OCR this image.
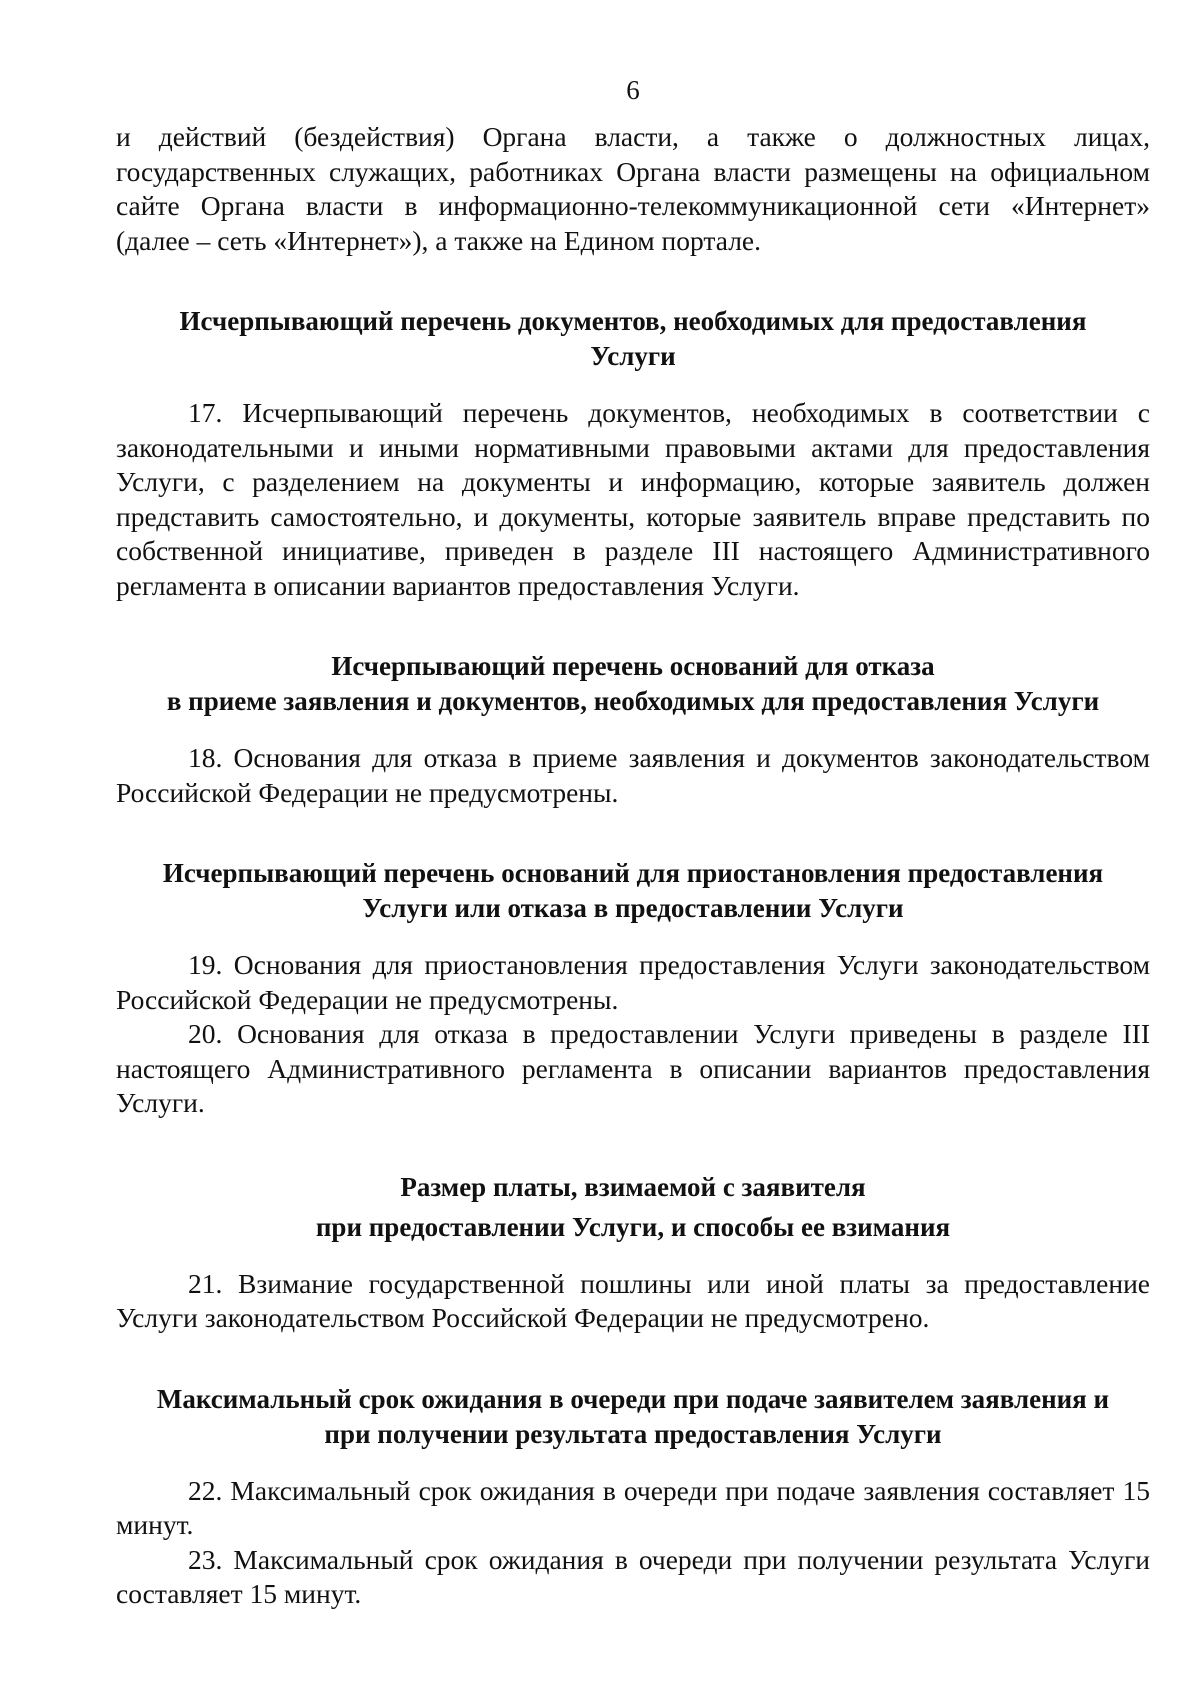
6
и действий (бездействия) Органа власти, а также о должностных лицах,
государственных служащих, работниках Органа власти размещены на официальном
сайте Органа власти в информационно-телекоммуникационной сети «Интернет»
(далее – сеть «Интернет»), а также на Едином портале.
Исчерпывающий перечень документов, необходимых для предоставления
Услуги

17. Исчерпывающий перечень документов, необходимых в соответствии с законодательными и иными нормативными правовыми актами для предоставления Услуги, с разделением на документы и информацию, которые заявитель должен представить самостоятельно, и документы, которые заявитель вправе представить по собственной инициативе, приведен в разделе III настоящего Административного регламента в описании вариантов предоставления Услуги.

Исчерпывающий перечень оснований для отказа
в приеме заявления и документов, необходимых для предоставления Услуги

18. Основания для отказа в приеме заявления и документов законодательством Российской Федерации не предусмотрены.

Исчерпывающий перечень оснований для приостановления предоставления
Услуги или отказа в предоставлении Услуги

19. Основания для приостановления предоставления Услуги законодательством Российской Федерации не предусмотрены.

20. Основания для отказа в предоставлении Услуги приведены в разделе III настоящего Административного регламента в описании вариантов предоставления Услуги.

Размер платы, взимаемой с заявителя
при предоставлении Услуги, и способы ее взимания

21. Взимание государственной пошлины или иной платы за предоставление Услуги законодательством Российской Федерации не предусмотрено.

Максимальный срок ожидания в очереди при подаче заявителем заявления и
при получении результата предоставления Услуги

22. Максимальный срок ожидания в очереди при подаче заявления составляет 15 минут.

23. Максимальный срок ожидания в очереди при получении результата Услуги составляет 15 минут.
